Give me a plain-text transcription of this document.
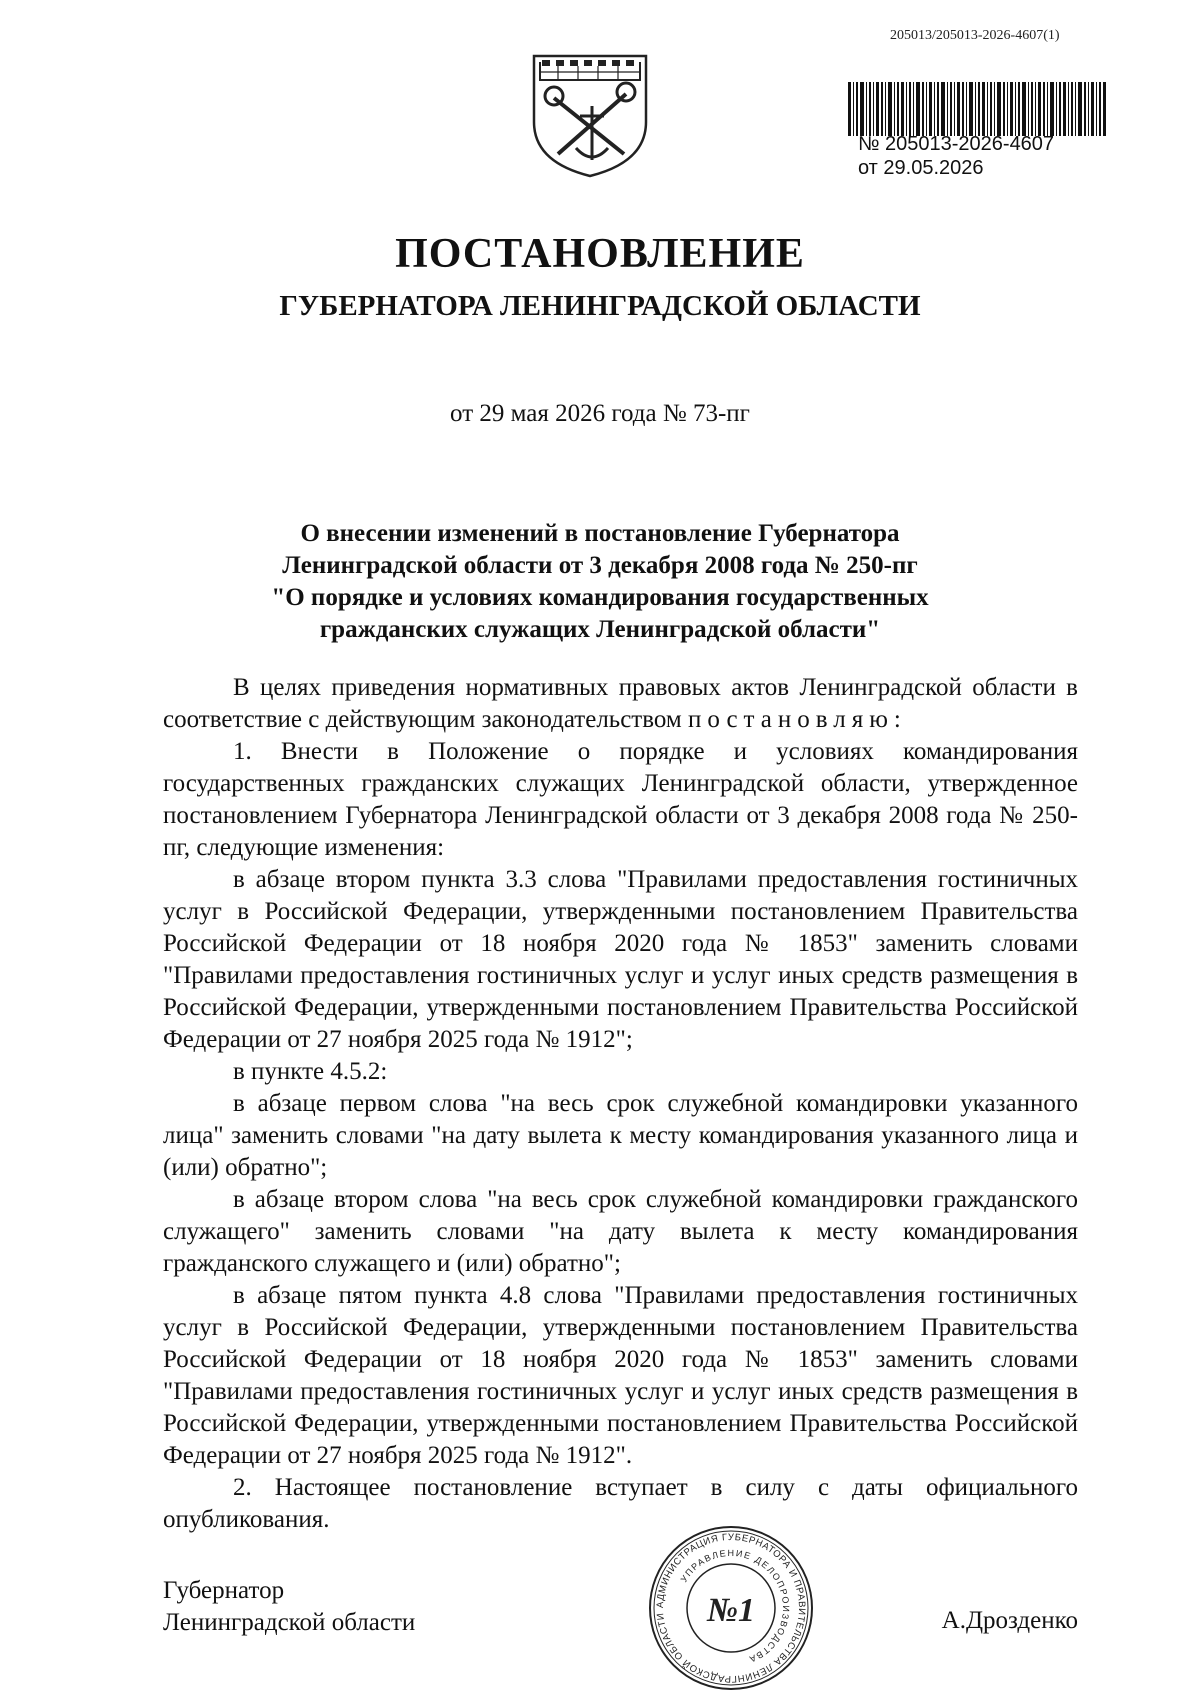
205013/205013-2026-4607(1)
№ 205013-2026-4607
от 29.05.2026
ПОСТАНОВЛЕНИЕ
ГУБЕРНАТОРА ЛЕНИНГРАДСКОЙ ОБЛАСТИ
от 29 мая 2026 года № 73-пг
О внесении изменений в постановление Губернатора
Ленинградской области от 3 декабря 2008 года № 250-пг
"О порядке и условиях командирования государственных
гражданских служащих Ленинградской области"

В целях приведения нормативных правовых актов Ленинградской области в соответствие с действующим законодательством постановляю:

1. Внести в Положение о порядке и условиях командирования государственных гражданских служащих Ленинградской области, утвержденное постановлением Губернатора Ленинградской области от 3 декабря 2008 года № 250-пг, следующие изменения:

в абзаце втором пункта 3.3 слова "Правилами предоставления гостиничных услуг в Российской Федерации, утвержденными постановлением Правительства Российской Федерации от 18 ноября 2020 года № 1853" заменить словами "Правилами предоставления гостиничных услуг и услуг иных средств размещения в Российской Федерации, утвержденными постановлением Правительства Российской Федерации от 27 ноября 2025 года № 1912";

в пункте 4.5.2:

в абзаце первом слова "на весь срок служебной командировки указанного лица" заменить словами "на дату вылета к месту командирования указанного лица и (или) обратно";

в абзаце втором слова "на весь срок служебной командировки гражданского служащего" заменить словами "на дату вылета к месту командирования гражданского служащего и (или) обратно";

в абзаце пятом пункта 4.8 слова "Правилами предоставления гостиничных услуг в Российской Федерации, утвержденными постановлением Правительства Российской Федерации от 18 ноября 2020 года № 1853" заменить словами "Правилами предоставления гостиничных услуг и услуг иных средств размещения в Российской Федерации, утвержденными постановлением Правительства Российской Федерации от 27 ноября 2025 года № 1912".

2. Настоящее постановление вступает в силу с даты официального опубликования.

Губернатор
Ленинградской области
АДМИНИСТРАЦИЯ ГУБЕРНАТОРА И ПРАВИТЕЛЬСТВА ЛЕНИНГРАДСКОЙ ОБЛАСТИ
УПРАВЛЕНИЕ ДЕЛОПРОИЗВОДСТВА
№1	А.Дрозденко
